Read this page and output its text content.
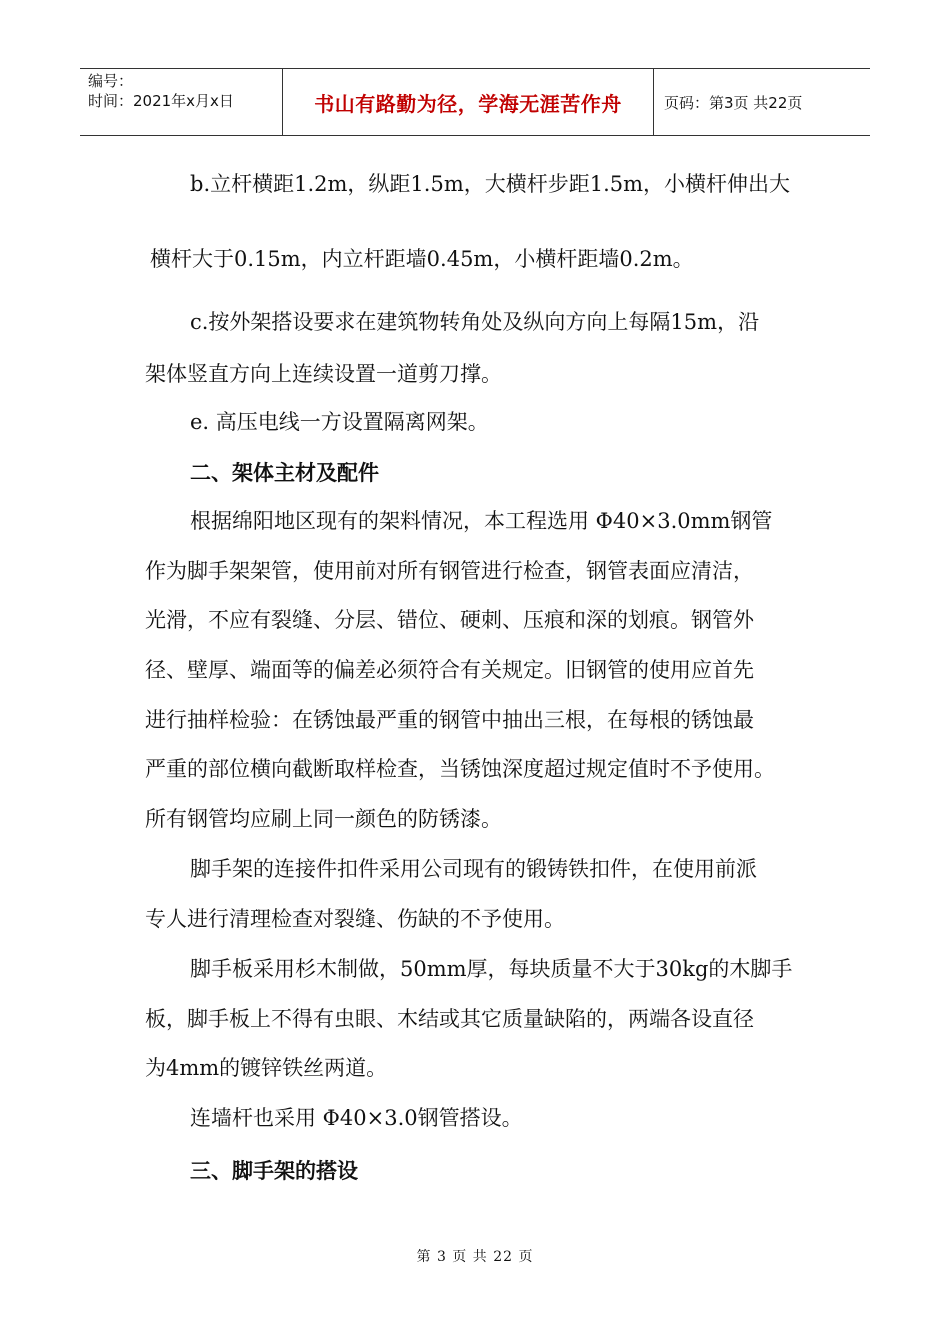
编号：
时间：2021年x月x日	书山有路勤为径，学海无涯苦作舟	页码：第3页 共22页
b.立杆横距1.2m，纵距1.5m，大横杆步距1.5m，小横杆伸出大
横杆大于0.15m，内立杆距墙0.45m，小横杆距墙0.2m。
c.按外架搭设要求在建筑物转角处及纵向方向上每隔15m，沿
架体竖直方向上连续设置一道剪刀撑。
e. 高压电线一方设置隔离网架。
二、架体主材及配件
根据绵阳地区现有的架料情况，本工程选用 Φ40×3.0mm钢管
作为脚手架架管，使用前对所有钢管进行检查，钢管表面应清洁，
光滑，不应有裂缝、分层、错位、硬刺、压痕和深的划痕。钢管外
径、壁厚、端面等的偏差必须符合有关规定。旧钢管的使用应首先
进行抽样检验：在锈蚀最严重的钢管中抽出三根，在每根的锈蚀最
严重的部位横向截断取样检查，当锈蚀深度超过规定值时不予使用。
所有钢管均应刷上同一颜色的防锈漆。
脚手架的连接件扣件采用公司现有的锻铸铁扣件，在使用前派
专人进行清理检查对裂缝、伤缺的不予使用。
脚手板采用杉木制做，50mm厚，每块质量不大于30kg的木脚手
板，脚手板上不得有虫眼、木结或其它质量缺陷的，两端各设直径
为4mm的镀锌铁丝两道。
连墙杆也采用 Φ40×3.0钢管搭设。
三、脚手架的搭设
第 3 页 共 22 页
